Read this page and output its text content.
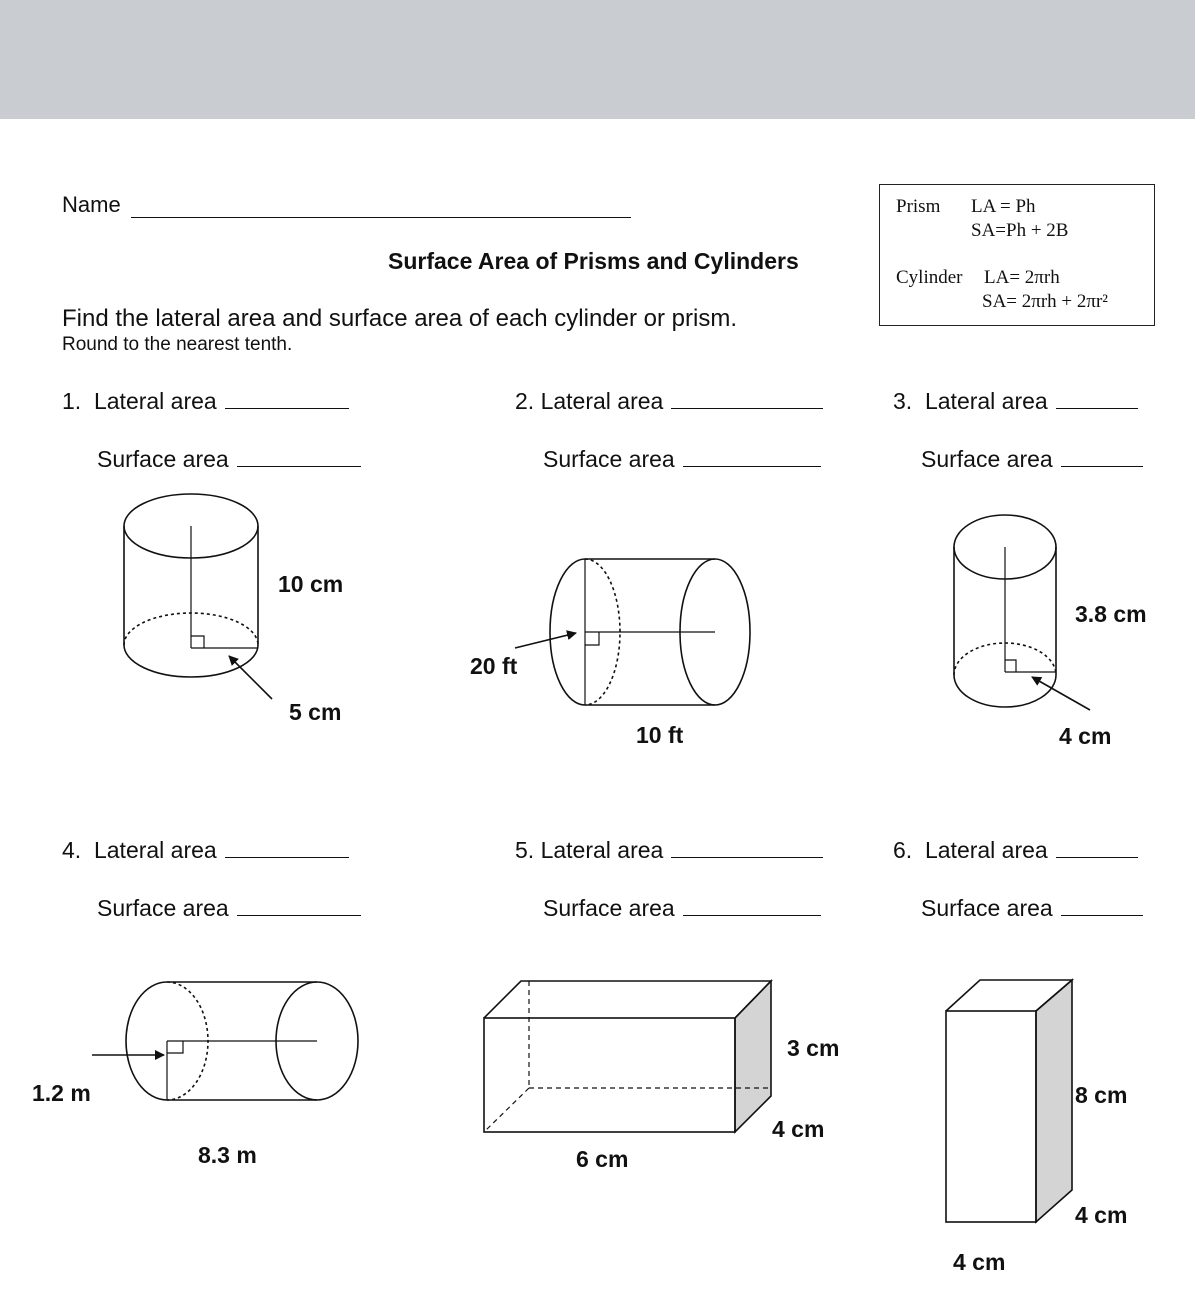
Name
Surface Area of Prisms and Cylinders
Find the lateral area and surface area of each cylinder or prism.
Round to the nearest tenth.
Prism LA = Ph
SA=Ph + 2B
Cylinder LA= 2πrh
SA= 2πrh + 2πr²
1. Lateral area
Surface area
2. Lateral area
Surface area
3. Lateral area
Surface area
4. Lateral area
Surface area
5. Lateral area
Surface area
6. Lateral area
Surface area
10 cm
5 cm
20 ft
10 ft
3.8 cm
4 cm
1.2 m
8.3 m
3 cm
4 cm
6 cm
8 cm
4 cm
4 cm
